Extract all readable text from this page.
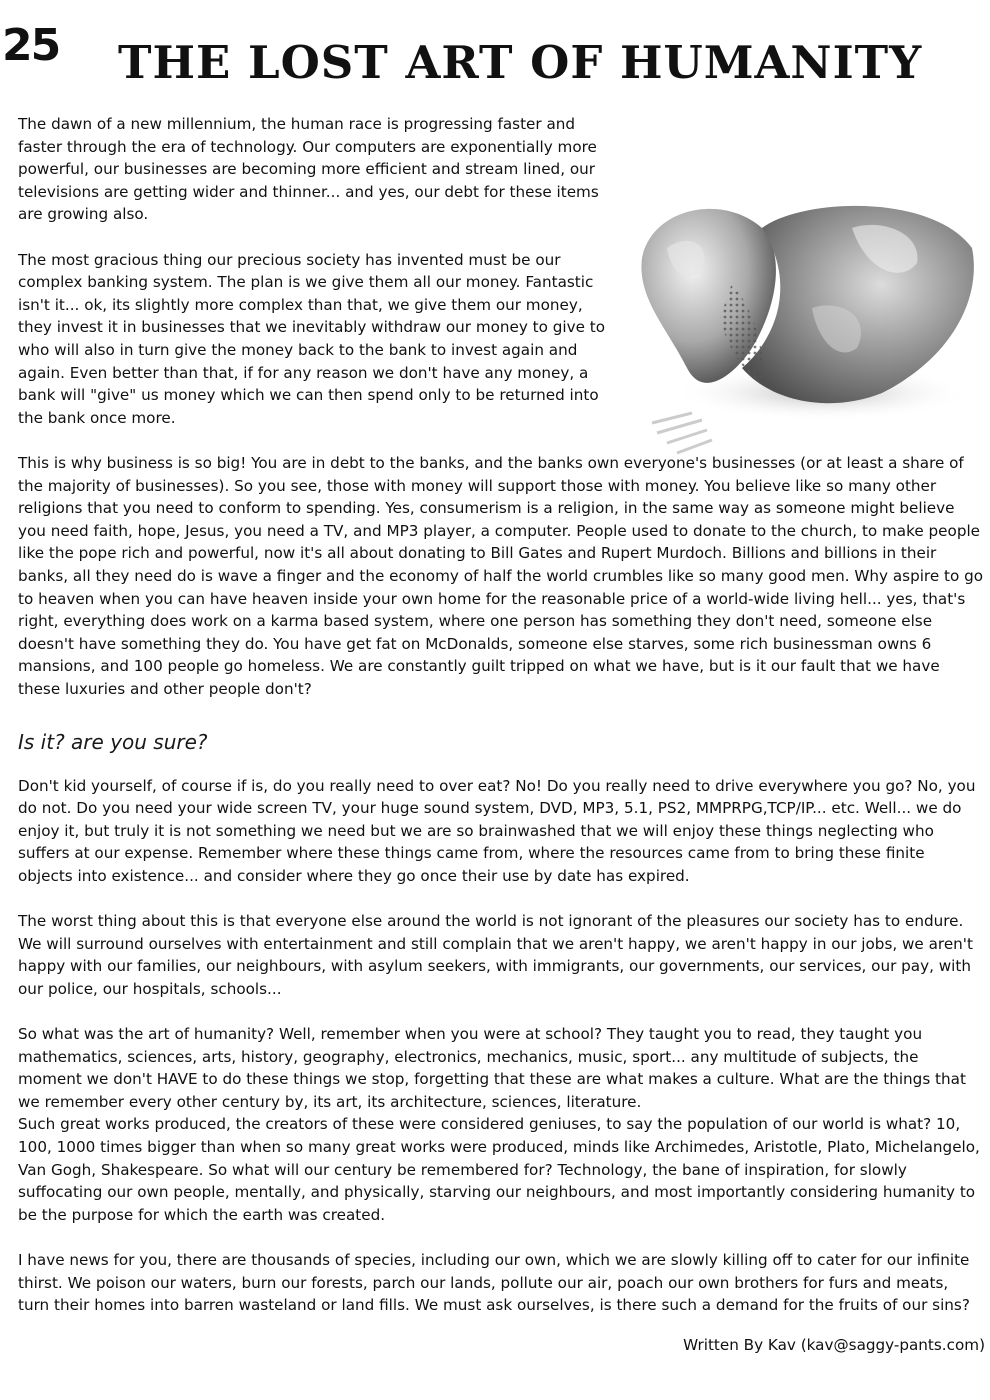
25 THE LOST ART OF HUMANITY

The dawn of a new millennium, the human race is progressing faster and faster through the era of technology. Our computers are exponentially more powerful, our businesses are becoming more efficient and stream lined, our televisions are getting wider and thinner... and yes, our debt for these items are growing also.

The most gracious thing our precious society has invented must be our complex banking system. The plan is we give them all our money. Fantastic isn't it... ok, its slightly more complex than that, we give them our money, they invest it in businesses that we inevitably withdraw our money to give to who will also in turn give the money back to the bank to invest again and again. Even better than that, if for any reason we don't have any money, a bank will "give" us money which we can then spend only to be returned into the bank once more.

This is why business is so big! You are in debt to the banks, and the banks own everyone's businesses (or at least a share of the majority of businesses). So you see, those with money will support those with money. You believe like so many other religions that you need to conform to spending. Yes, consumerism is a religion, in the same way as someone might believe you need faith, hope, Jesus, you need a TV, and MP3 player, a computer. People used to donate to the church, to make people like the pope rich and powerful, now it's all about donating to Bill Gates and Rupert Murdoch. Billions and billions in their banks, all they need do is wave a finger and the economy of half the world crumbles like so many good men. Why aspire to go to heaven when you can have heaven inside your own home for the reasonable price of a world-wide living hell... yes, that's right, everything does work on a karma based system, where one person has something they don't need, someone else doesn't have something they do. You have get fat on McDonalds, someone else starves, some rich businessman owns 6 mansions, and 100 people go homeless. We are constantly guilt tripped on what we have, but is it our fault that we have these luxuries and other people don't?

Is it? are you sure?

Don't kid yourself, of course if is, do you really need to over eat? No! Do you really need to drive everywhere you go? No, you do not. Do you need your wide screen TV, your huge sound system, DVD, MP3, 5.1, PS2, MMPRPG,TCP/IP... etc. Well... we do enjoy it, but truly it is not something we need but we are so brainwashed that we will enjoy these things neglecting who suffers at our expense. Remember where these things came from, where the resources came from to bring these finite objects into existence... and consider where they go once their use by date has expired.

The worst thing about this is that everyone else around the world is not ignorant of the pleasures our society has to endure. We will surround ourselves with entertainment and still complain that we aren't happy, we aren't happy in our jobs, we aren't happy with our families, our neighbours, with asylum seekers, with immigrants, our governments, our services, our pay, with our police, our hospitals, schools...

So what was the art of humanity? Well, remember when you were at school? They taught you to read, they taught you mathematics, sciences, arts, history, geography, electronics, mechanics, music, sport... any multitude of subjects, the moment we don't HAVE to do these things we stop, forgetting that these are what makes a culture. What are the things that we remember every other century by, its art, its architecture, sciences, literature.

Such great works produced, the creators of these were considered geniuses, to say the population of our world is what? 10, 100, 1000 times bigger than when so many great works were produced, minds like Archimedes, Aristotle, Plato, Michelangelo, Van Gogh, Shakespeare. So what will our century be remembered for? Technology, the bane of inspiration, for slowly suffocating our own people, mentally, and physically, starving our neighbours, and most importantly considering humanity to be the purpose for which the earth was created.

I have news for you, there are thousands of species, including our own, which we are slowly killing off to cater for our infinite thirst. We poison our waters, burn our forests, parch our lands, pollute our air, poach our own brothers for furs and meats, turn their homes into barren wasteland or land fills. We must ask ourselves, is there such a demand for the fruits of our sins?

Written By Kav (kav@saggy-pants.com)
